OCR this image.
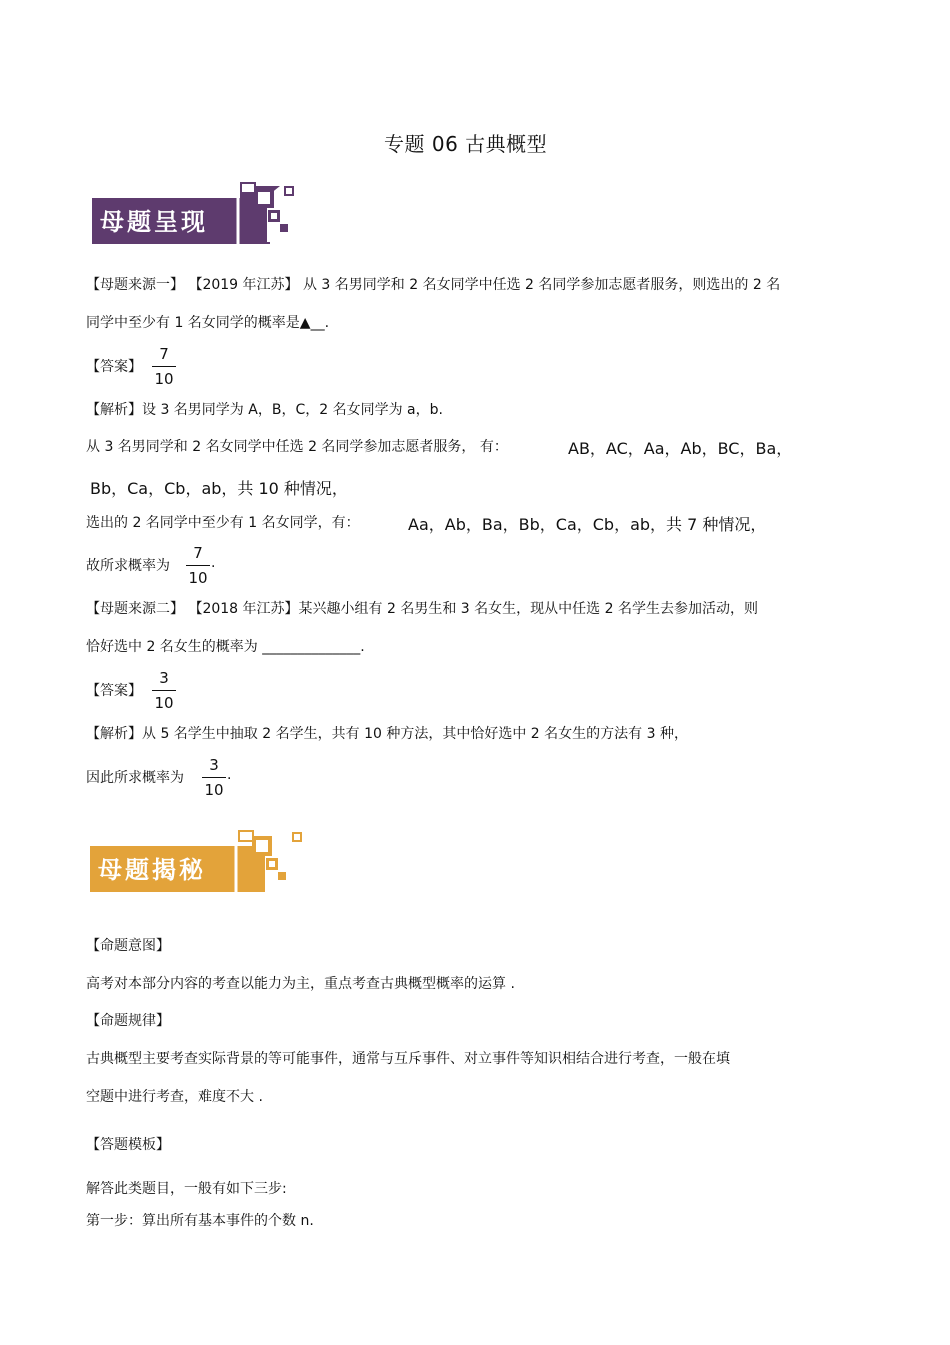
专题 06 古典概型
母题呈现
【母题来源一】 【2019 年江苏】 从 3 名男同学和 2 名女同学中任选 2 名同学参加志愿者服务，则选出的 2 名
同学中至少有 1 名女同学的概率是▲__.
【答案】
7
10
【解析】设 3 名男同学为 A，B，C，2 名女同学为 a，b.
从 3 名男同学和 2 名女同学中任选 2 名同学参加志愿者服务， 有：	AB，AC，Aa，Ab，BC，Ba，
Bb，Ca，Cb，ab，共 10 种情况，
选出的 2 名同学中至少有 1 名女同学，有：	Aa，Ab，Ba，Bb，Ca，Cb，ab，共 7 种情况，
故所求概率为
7
10
.
【母题来源二】 【2018 年江苏】某兴趣小组有 2 名男生和 3 名女生，现从中任选 2 名学生去参加活动，则
恰好选中 2 名女生的概率为 ______________.
【答案】
3
10
【解析】从 5 名学生中抽取 2 名学生，共有 10 种方法，其中恰好选中 2 名女生的方法有 3 种，
因此所求概率为
3
10
.
母题揭秘
【命题意图】
高考对本部分内容的考查以能力为主，重点考查古典概型概率的运算 .
【命题规律】
古典概型主要考查实际背景的等可能事件，通常与互斥事件、对立事件等知识相结合进行考查，一般在填
空题中进行考查，难度不大 .
【答题模板】
解答此类题目，一般有如下三步:
第一步：算出所有基本事件的个数 n.
